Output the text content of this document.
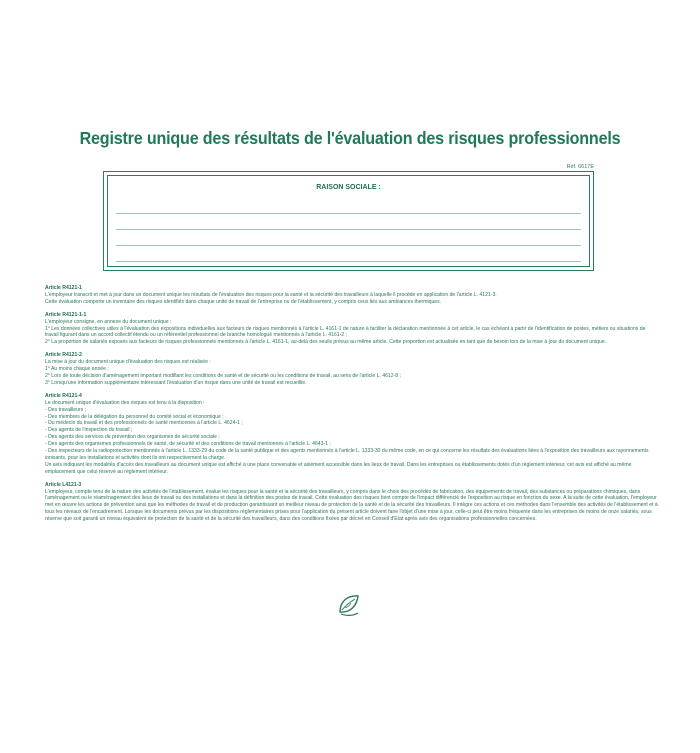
Registre unique des résultats de l'évaluation des risques professionnels
Réf. 6617E
RAISON SOCIALE :
Article R4121-1
L'employeur transcrit et met à jour dans un document unique les résultats de l'évaluation des risques pour la santé et la sécurité des travailleurs à laquelle il procède en application de l'article L. 4121-3.
Cette évaluation comporte un inventaire des risques identifiés dans chaque unité de travail de l'entreprise ou de l'établissement, y compris ceux liés aux ambiances thermiques.
Article R4121-1-1
L'employeur consigne, en annexe du document unique :
1° Les données collectives utiles à l'évaluation des expositions individuelles aux facteurs de risques mentionnés à l'article L. 4161-1 de nature à faciliter la déclaration mentionnée à cet article, le cas échéant à partir de l'identification de postes, métiers ou situations de travail figurant dans un accord collectif étendu ou un référentiel professionnel de branche homologué mentionnés à l'article L. 4161-2 ;
2° La proportion de salariés exposés aux facteurs de risques professionnels mentionnés à l'article L. 4161-1, au-delà des seuils prévus au même article. Cette proportion est actualisée en tant que de besoin lors de la mise à jour du document unique.
Article R4121-2
La mise à jour du document unique d'évaluation des risques est réalisée :
1° Au moins chaque année ;
2° Lors de toute décision d'aménagement important modifiant les conditions de santé et de sécurité ou les conditions de travail, au sens de l'article L. 4612-8 ;
3° Lorsqu'une information supplémentaire intéressant l'évaluation d'un risque dans une unité de travail est recueillie.
Article R4121-4
Le document unique d'évaluation des risques est tenu à la disposition :
- Des travailleurs ;
- Des membres de la délégation du personnel du comité social et économique ;
- Du médecin du travail et des professionnels de santé mentionnés à l'article L. 4624-1 ;
- Des agents de l'inspection du travail ;
- Des agents des services de prévention des organismes de sécurité sociale ;
- Des agents des organismes professionnels de santé, de sécurité et des conditions de travail mentionnés à l'article L. 4643-1 ;
- Des inspecteurs de la radioprotection mentionnés à l'article L. 1333-29 du code de la santé publique et des agents mentionnés à l'article L. 1333-30 du même code, en ce qui concerne les résultats des évaluations liées à l'exposition des travailleurs aux rayonnements ionisants, pour les installations et activités dont ils ont respectivement la charge.
Un avis indiquant les modalités d'accès des travailleurs au document unique est affiché à une place convenable et aisément accessible dans les lieux de travail. Dans les entreprises ou établissements dotés d'un règlement intérieur, cet avis est affiché au même emplacement que celui réservé au règlement intérieur.
Article L4121-3
L'employeur, compte tenu de la nature des activités de l'établissement, évalue les risques pour la santé et la sécurité des travailleurs, y compris dans le choix des procédés de fabrication, des équipements de travail, des substances ou préparations chimiques, dans l'aménagement ou le réaménagement des lieux de travail ou des installations et dans la définition des postes de travail. Cette évaluation des risques tient compte de l'impact différencié de l'exposition au risque en fonction du sexe. A la suite de cette évaluation, l'employeur met en œuvre les actions de prévention ainsi que les méthodes de travail et de production garantissant un meilleur niveau de protection de la santé et de la sécurité des travailleurs. Il intègre ces actions et ces méthodes dans l'ensemble des activités de l'établissement et à tous les niveaux de l'encadrement. Lorsque les documents prévus par les dispositions réglementaires prises pour l'application du présent article doivent faire l'objet d'une mise à jour, celle-ci peut être moins fréquente dans les entreprises de moins de onze salariés, sous réserve que soit garanti un niveau équivalent de protection de la santé et de la sécurité des travailleurs, dans des conditions fixées par décret en Conseil d'Etat après avis des organisations professionnelles concernées.
